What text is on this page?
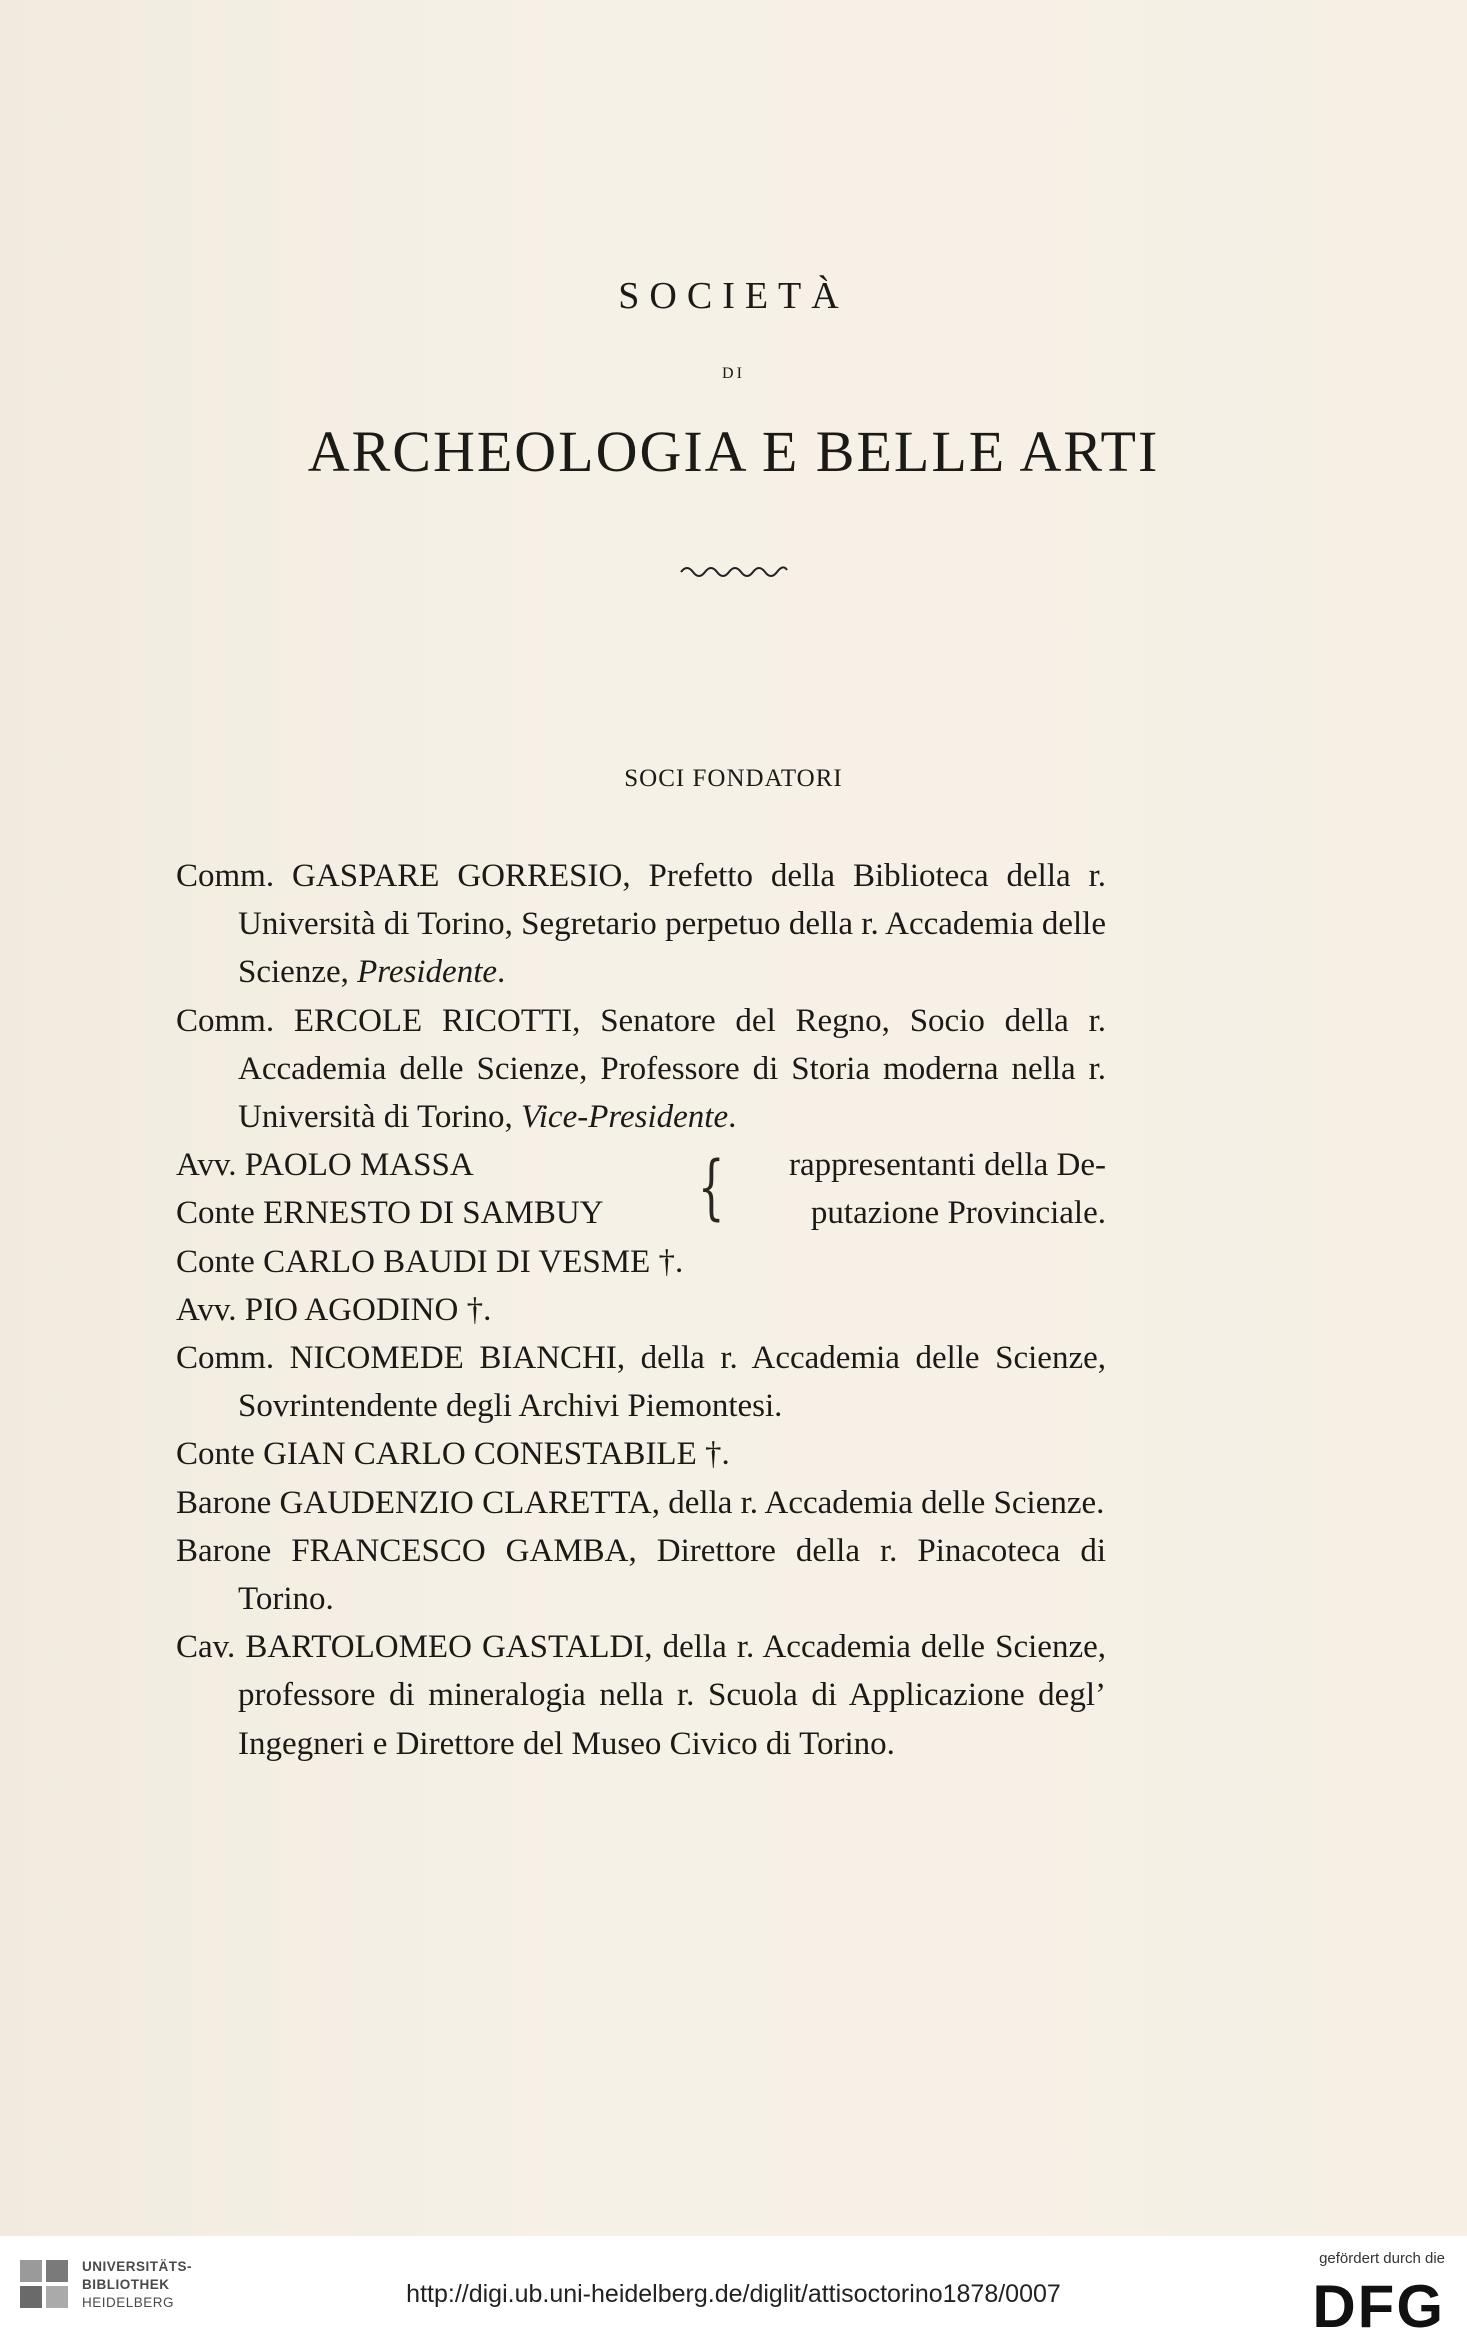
SOCIETÀ
DI
ARCHEOLOGIA E BELLE ARTI
SOCI FONDATORI

Comm. GASPARE GORRESIO, Prefetto della Biblioteca della r. Università di Torino, Segretario perpetuo della r. Accademia delle Scienze, Presidente.

Comm. ERCOLE RICOTTI, Senatore del Regno, Socio della r. Accademia delle Scienze, Professore di Storia moderna nella r. Università di Torino, Vice-Presidente.

Avv. PAOLO MASSA
Conte ERNESTO DI SAMBUY { rappresentanti della De-
putazione Provinciale.

Conte CARLO BAUDI DI VESME †.

Avv. PIO AGODINO †.

Comm. NICOMEDE BIANCHI, della r. Accademia delle Scienze, Sovrintendente degli Archivi Piemontesi.

Conte GIAN CARLO CONESTABILE †.

Barone GAUDENZIO CLARETTA, della r. Accademia delle Scienze.

Barone FRANCESCO GAMBA, Direttore della r. Pinacoteca di Torino.

Cav. BARTOLOMEO GASTALDI, della r. Accademia delle Scienze, professore di mineralogia nella r. Scuola di Applicazione degl’ Ingegneri e Direttore del Museo Civico di Torino.

UNIVERSITÄTS-
BIBLIOTHEK
HEIDELBERG	http://digi.ub.uni-heidelberg.de/diglit/attisoctorino1878/0007
gefördert durch die
DFG
